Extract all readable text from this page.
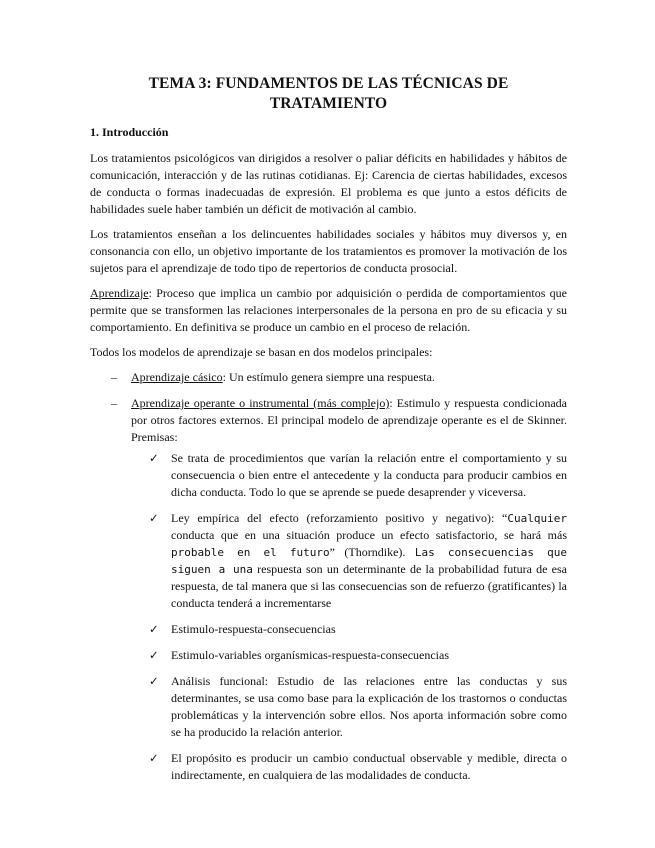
TEMA 3: FUNDAMENTOS DE LAS TÉCNICAS DE TRATAMIENTO
1. Introducción

Los tratamientos psicológicos van dirigidos a resolver o paliar déficits en habilidades y hábitos de comunicación, interacción y de las rutinas cotidianas. Ej: Carencia de ciertas habilidades, excesos de conducta o formas inadecuadas de expresión. El problema es que junto a estos déficits de habilidades suele haber también un déficit de motivación al cambio.

Los tratamientos enseñan a los delincuentes habilidades sociales y hábitos muy diversos y, en consonancia con ello, un objetivo importante de los tratamientos es promover la motivación de los sujetos para el aprendizaje de todo tipo de repertorios de conducta prosocial.

Aprendizaje: Proceso que implica un cambio por adquisición o perdida de comportamientos que permite que se transformen las relaciones interpersonales de la persona en pro de su eficacia y su comportamiento. En definitiva se produce un cambio en el proceso de relación.

Todos los modelos de aprendizaje se basan en dos modelos principales:

– Aprendizaje cásico: Un estímulo genera siempre una respuesta.
– Aprendizaje operante o instrumental (más complejo): Estimulo y respuesta condicionada por otros factores externos. El principal modelo de aprendizaje operante es el de Skinner. Premisas:
✓ Se trata de procedimientos que varían la relación entre el comportamiento y su consecuencia o bien entre el antecedente y la conducta para producir cambios en dicha conducta. Todo lo que se aprende se puede desaprender y viceversa.
✓ Ley empírica del efecto (reforzamiento positivo y negativo): “Cualquier conducta que en una situación produce un efecto satisfactorio, se hará más probable en el futuro” (Thorndike). Las consecuencias que siguen a una respuesta son un determinante de la probabilidad futura de esa respuesta, de tal manera que si las consecuencias son de refuerzo (gratificantes) la conducta tenderá a incrementarse
✓ Estimulo-respuesta-consecuencias
✓ Estimulo-variables organísmicas-respuesta-consecuencias
✓ Análisis funcional: Estudio de las relaciones entre las conductas y sus determinantes, se usa como base para la explicación de los trastornos o conductas problemáticas y la intervención sobre ellos. Nos aporta información sobre como se ha producido la relación anterior.
✓ El propósito es producir un cambio conductual observable y medible, directa o indirectamente, en cualquiera de las modalidades de conducta.
